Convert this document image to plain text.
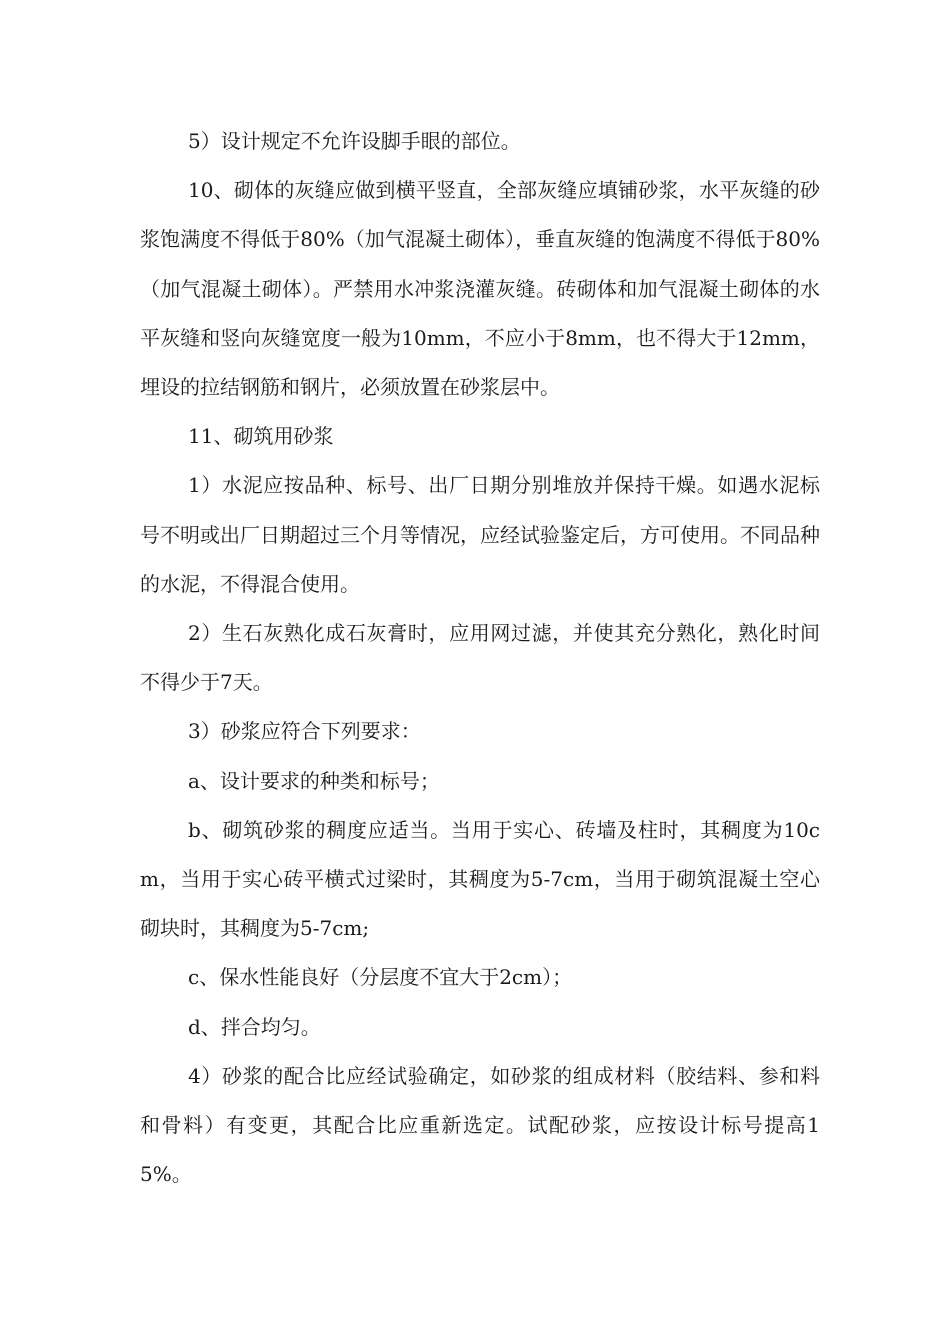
5）设计规定不允许设脚手眼的部位。

10、砌体的灰缝应做到横平竖直，全部灰缝应填铺砂浆，水平灰缝的砂浆饱满度不得低于80%（加气混凝土砌体），垂直灰缝的饱满度不得低于80%（加气混凝土砌体）。严禁用水冲浆浇灌灰缝。砖砌体和加气混凝土砌体的水平灰缝和竖向灰缝宽度一般为10mm，不应小于8mm，也不得大于12mm，埋设的拉结钢筋和钢片，必须放置在砂浆层中。

11、砌筑用砂浆

1）水泥应按品种、标号、出厂日期分别堆放并保持干燥。如遇水泥标号不明或出厂日期超过三个月等情况，应经试验鉴定后，方可使用。不同品种的水泥，不得混合使用。

2）生石灰熟化成石灰膏时，应用网过滤，并使其充分熟化，熟化时间不得少于7天。

3）砂浆应符合下列要求：

a、设计要求的种类和标号；

b、砌筑砂浆的稠度应适当。当用于实心、砖墙及柱时，其稠度为10cm，当用于实心砖平横式过梁时，其稠度为5-7cm，当用于砌筑混凝土空心砌块时，其稠度为5-7cm;

c、保水性能良好（分层度不宜大于2cm）；

d、拌合均匀。

4）砂浆的配合比应经试验确定，如砂浆的组成材料（胶结料、参和料和骨料）有变更，其配合比应重新选定。试配砂浆，应按设计标号提高15%。
